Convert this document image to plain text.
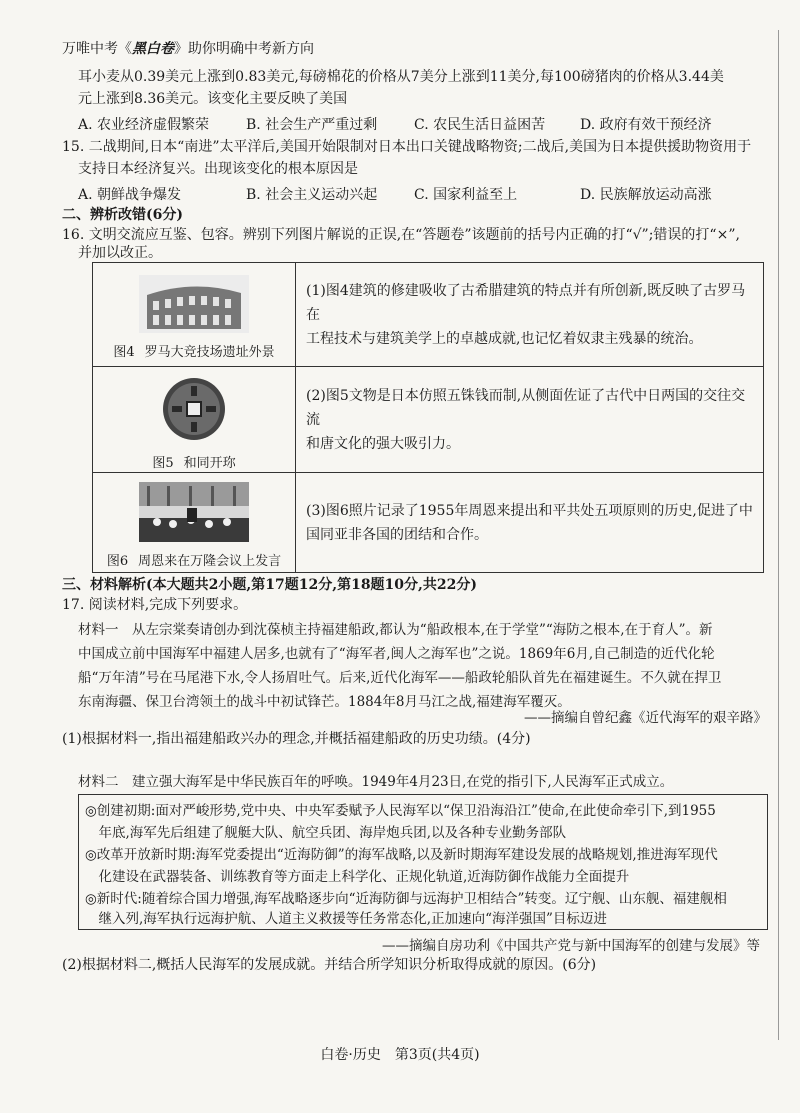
万唯中考《黑白卷》助你明确中考新方向
耳小麦从0.39美元上涨到0.83美元,每磅棉花的价格从7美分上涨到11美分,每100磅猪肉的价格从3.44美
元上涨到8.36美元。该变化主要反映了美国
A. 农业经济虚假繁荣	B. 社会生产严重过剩	C. 农民生活日益困苦 D. 政府有效干预经济
15. 二战期间,日本“南进”太平洋后,美国开始限制对日本出口关键战略物资;二战后,美国为日本提供援助物资用于
支持日本经济复兴。出现该变化的根本原因是
A. 朝鲜战争爆发	B. 社会主义运动兴起	C. 国家利益至上	D. 民族解放运动高涨
二、辨析改错(6分)
16. 文明交流应互鉴、包容。辨别下列图片解说的正误,在“答题卷”该题前的括号内正确的打“√”;错误的打“×”,
并加以改正。
图4 罗马大竞技场遗址外景	(1)图4建筑的修建吸收了古希腊建筑的特点并有所创新,既反映了古罗马在
工程技术与建筑美学上的卓越成就,也记忆着奴隶主残暴的统治。

图5 和同开珎	(2)图5文物是日本仿照五铢钱而制,从侧面佐证了古代中日两国的交往交流
和唐文化的强大吸引力。

图6 周恩来在万隆会议上发言	(3)图6照片记录了1955年周恩来提出和平共处五项原则的历史,促进了中
国同亚非各国的团结和合作。
三、材料解析(本大题共2小题,第17题12分,第18题10分,共22分)
17. 阅读材料,完成下列要求。
材料一　从左宗棠奏请创办到沈葆桢主持福建船政,都认为“船政根本,在于学堂”“海防之根本,在于育人”。新
中国成立前中国海军中福建人居多,也就有了“海军者,闽人之海军也”之说。1869年6月,自己制造的近代化轮
船“万年清”号在马尾港下水,令人扬眉吐气。后来,近代化海军——船政轮船队首先在福建诞生。不久就在捍卫
东南海疆、保卫台湾领土的战斗中初试锋芒。1884年8月马江之战,福建海军覆灭。
——摘编自曾纪鑫《近代海军的艰辛路》
(1)根据材料一,指出福建船政兴办的理念,并概括福建船政的历史功绩。(4分)
材料二　建立强大海军是中华民族百年的呼唤。1949年4月23日,在党的指引下,人民海军正式成立。
◎创建初期:面对严峻形势,党中央、中央军委赋予人民海军以“保卫沿海沿江”使命,在此使命牵引下,到1955
　年底,海军先后组建了舰艇大队、航空兵团、海岸炮兵团,以及各种专业勤务部队
◎改革开放新时期:海军党委提出“近海防御”的海军战略,以及新时期海军建设发展的战略规划,推进海军现代
　化建设在武器装备、训练教育等方面走上科学化、正规化轨道,近海防御作战能力全面提升
◎新时代:随着综合国力增强,海军战略逐步向“近海防御与远海护卫相结合”转变。辽宁舰、山东舰、福建舰相
　继入列,海军执行远海护航、人道主义救援等任务常态化,正加速向“海洋强国”目标迈进
——摘编自房功利《中国共产党与新中国海军的创建与发展》等
(2)根据材料二,概括人民海军的发展成就。并结合所学知识分析取得成就的原因。(6分)
白卷·历史　第3页(共4页)
